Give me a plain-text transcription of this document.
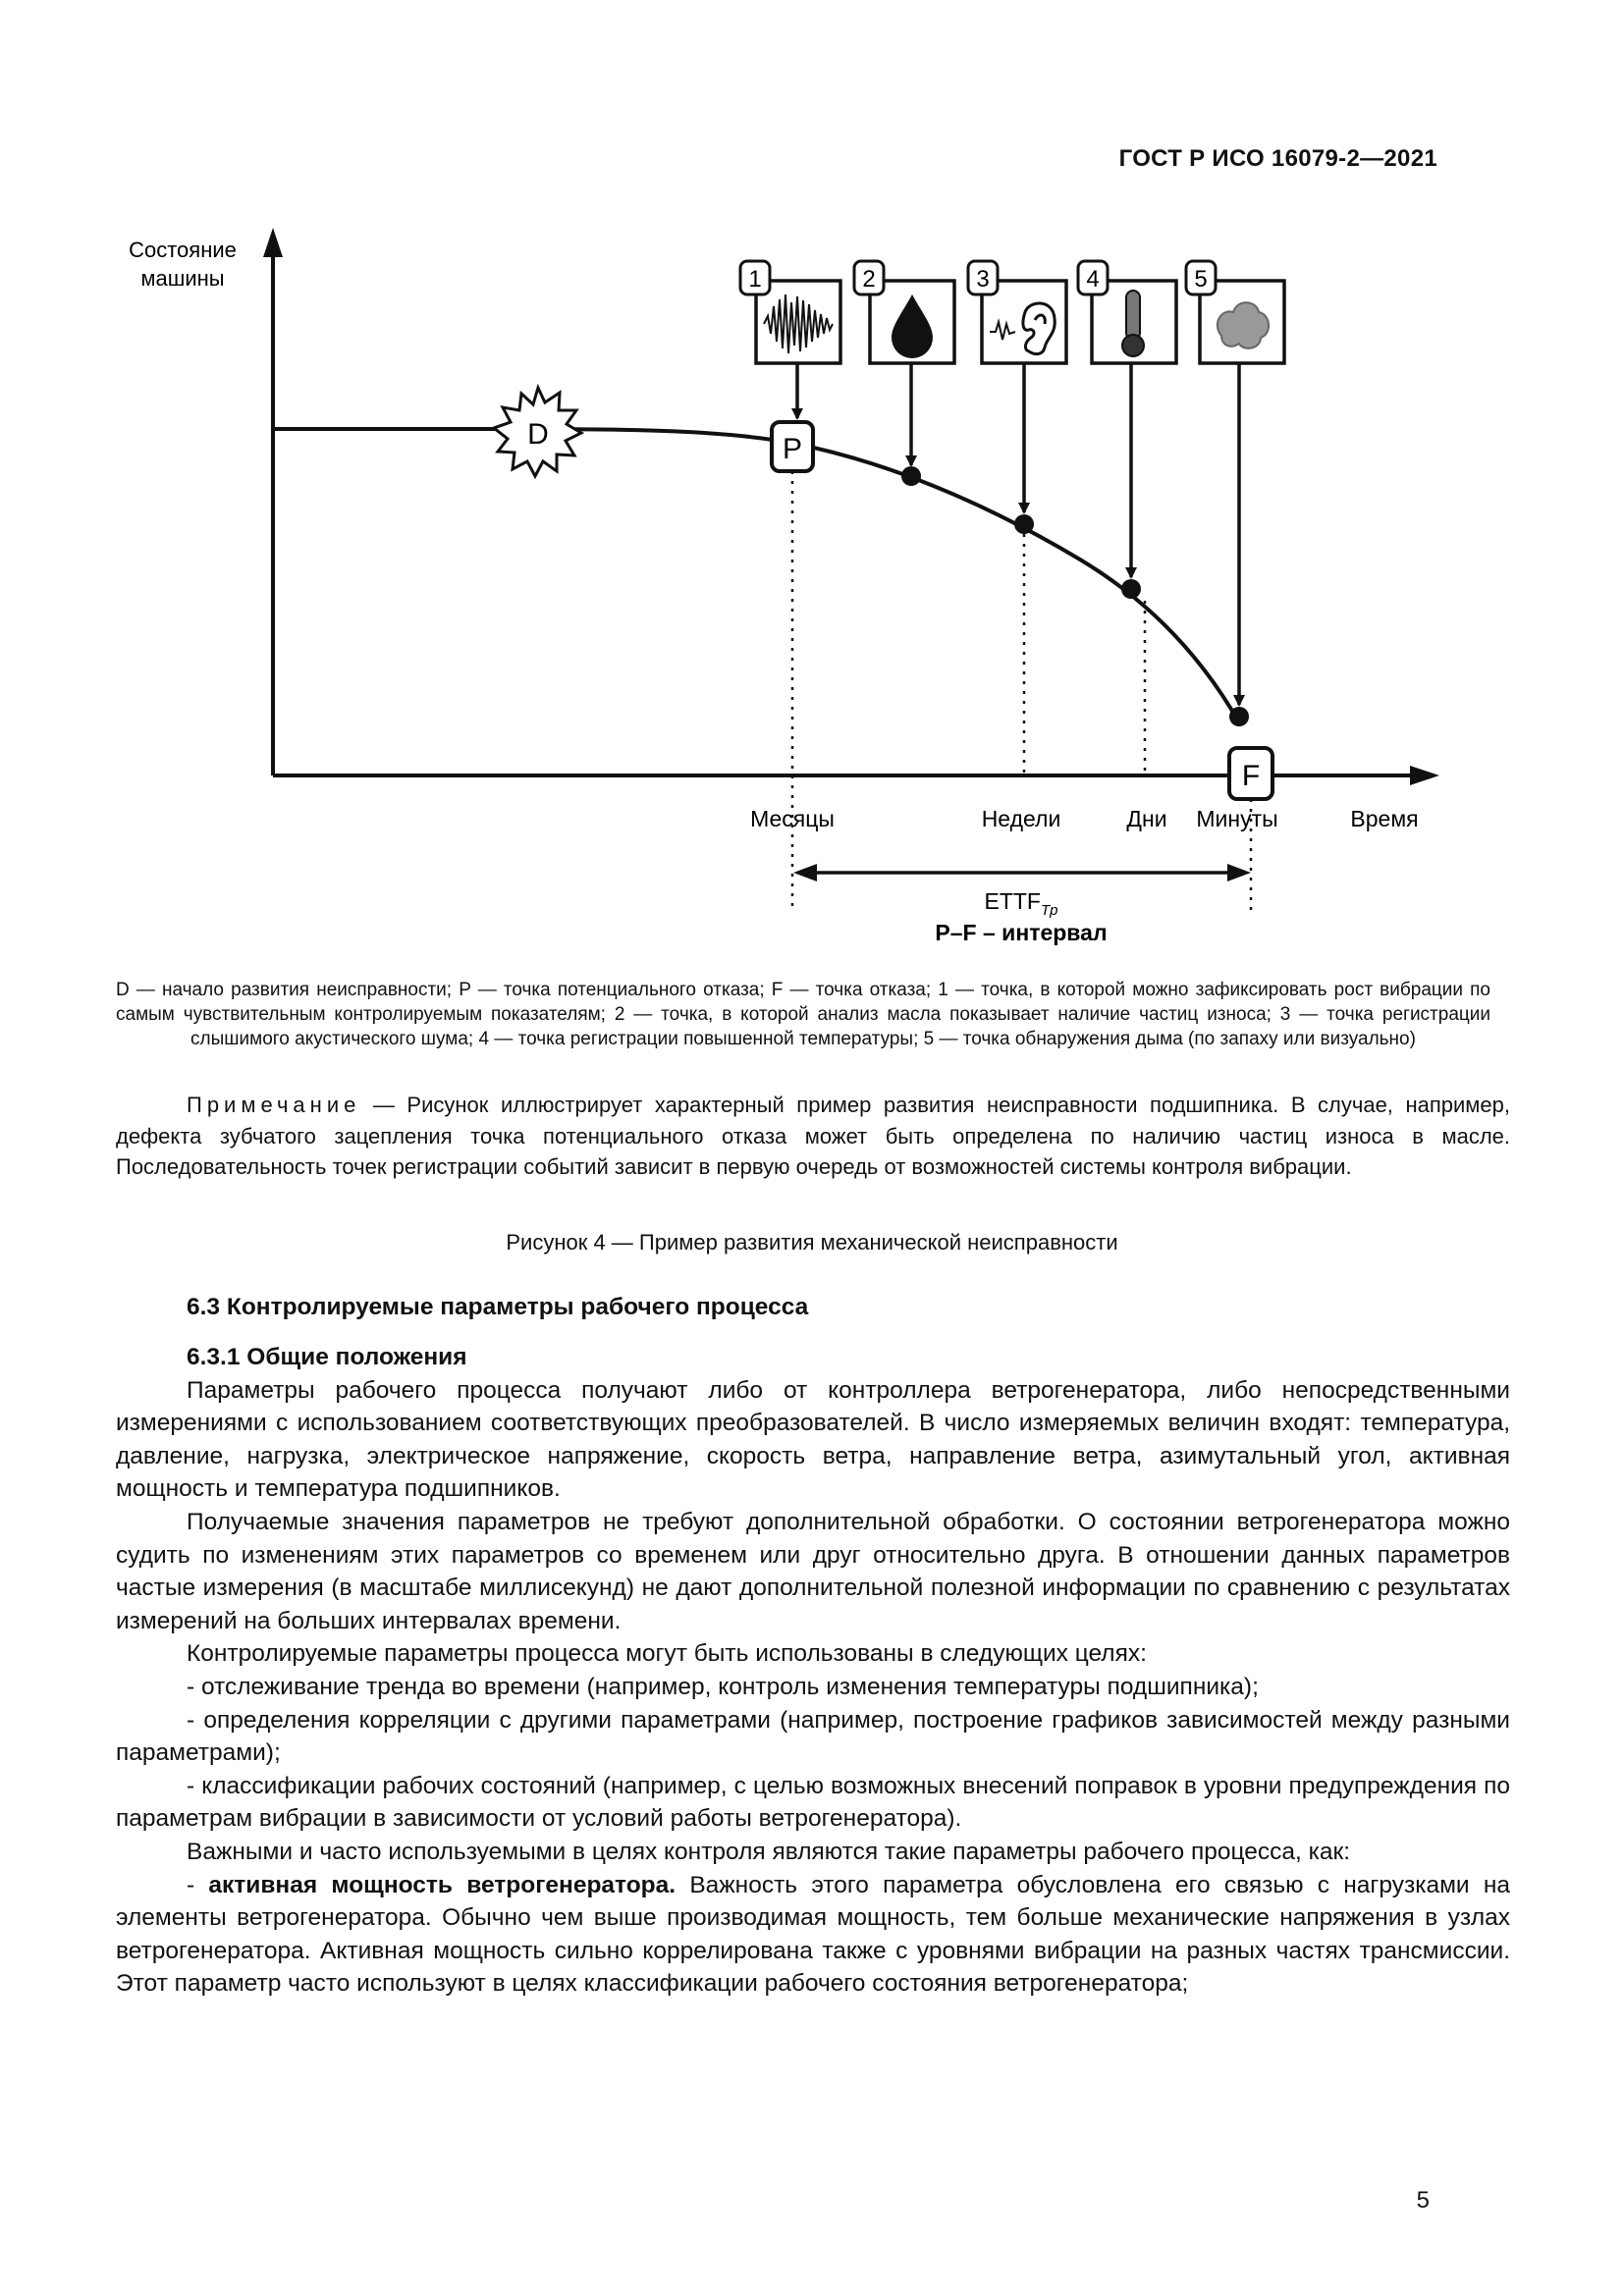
ГОСТ Р ИСО 16079-2—2021
Состояние
машины
D	P
F
1	2	3	4	5
Месяцы	Недели	Дни Минуты	Время
$ETTF_{Tp}$
P–F – интервал
D — начало развития неисправности; P — точка потенциального отказа; F — точка отказа; 1 — точка, в которой можно зафиксировать рост вибрации по самым чувствительным контролируемым показателям; 2 — точка, в которой анализ масла показывает наличие частиц износа; 3 — точка регистрации слышимого акустического шума; 4 — точка регистрации повышенной температуры; 5 — точка обнаружения дыма (по запаху или визуально)
Примечание — Рисунок иллюстрирует характерный пример развития неисправности подшипника. В случае, например, дефекта зубчатого зацепления точка потенциального отказа может быть определена по наличию частиц износа в масле. Последовательность точек регистрации событий зависит в первую очередь от возможностей системы контроля вибрации.
Рисунок 4 — Пример развития механической неисправности

6.3 Контролируемые параметры рабочего процесса

6.3.1 Общие положения

Параметры рабочего процесса получают либо от контроллера ветрогенератора, либо непосредственными измерениями с использованием соответствующих преобразователей. В число измеряемых величин входят: температура, давление, нагрузка, электрическое напряжение, скорость ветра, направление ветра, азимутальный угол, активная мощность и температура подшипников.

Получаемые значения параметров не требуют дополнительной обработки. О состоянии ветрогенератора можно судить по изменениям этих параметров со временем или друг относительно друга. В отношении данных параметров частые измерения (в масштабе миллисекунд) не дают дополнительной полезной информации по сравнению с результатах измерений на больших интервалах времени.

Контролируемые параметры процесса могут быть использованы в следующих целях:

- отслеживание тренда во времени (например, контроль изменения температуры подшипника);

- определения корреляции с другими параметрами (например, построение графиков зависимостей между разными параметрами);

- классификации рабочих состояний (например, с целью возможных внесений поправок в уровни предупреждения по параметрам вибрации в зависимости от условий работы ветрогенератора).

Важными и часто используемыми в целях контроля являются такие параметры рабочего процесса, как:

- активная мощность ветрогенератора. Важность этого параметра обусловлена его связью с нагрузками на элементы ветрогенератора. Обычно чем выше производимая мощность, тем больше механические напряжения в узлах ветрогенератора. Активная мощность сильно коррелирована также с уровнями вибрации на разных частях трансмиссии. Этот параметр часто используют в целях классификации рабочего состояния ветрогенератора;

5
